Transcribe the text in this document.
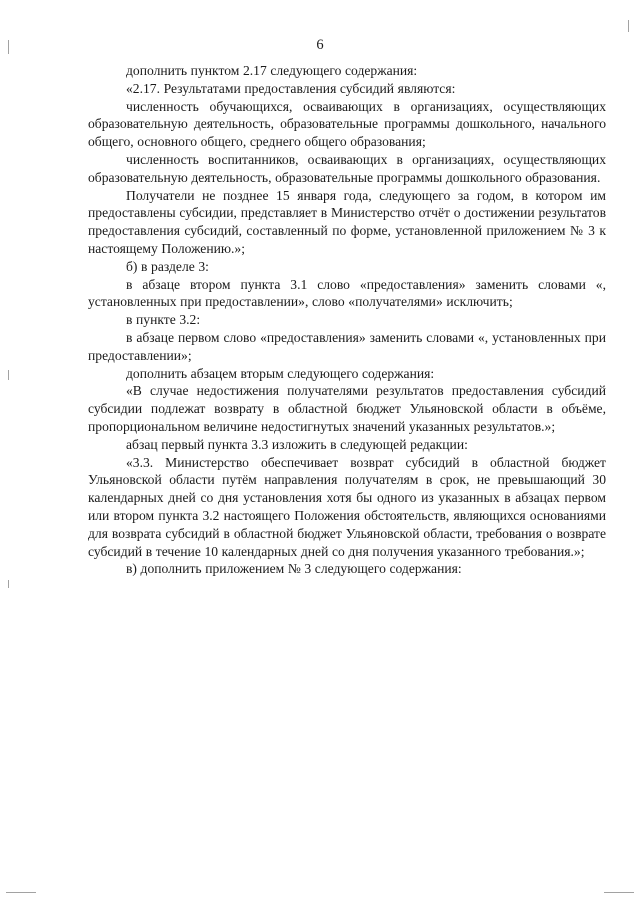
6

дополнить пунктом 2.17 следующего содержания:

«2.17. Результатами предоставления субсидий являются:

численность обучающихся, осваивающих в организациях, осуществляющих образовательную деятельность, образовательные программы дошкольного, начального общего, основного общего, среднего общего образования;

численность воспитанников, осваивающих в организациях, осуществляющих образовательную деятельность, образовательные программы дошкольного образования.

Получатели не позднее 15 января года, следующего за годом, в котором им предоставлены субсидии, представляет в Министерство отчёт о достижении результатов предоставления субсидий, составленный по форме, установленной приложением № 3 к настоящему Положению.»;

б) в разделе 3:

в абзаце втором пункта 3.1 слово «предоставления» заменить словами «, установленных при предоставлении», слово «получателями» исключить;

в пункте 3.2:

в абзаце первом слово «предоставления» заменить словами «, установленных при предоставлении»;

дополнить абзацем вторым следующего содержания:

«В случае недостижения получателями результатов предоставления субсидий субсидии подлежат возврату в областной бюджет Ульяновской области в объёме, пропорциональном величине недостигнутых значений указанных результатов.»;

абзац первый пункта 3.3 изложить в следующей редакции:

«3.3. Министерство обеспечивает возврат субсидий в областной бюджет Ульяновской области путём направления получателям в срок, не превышающий 30 календарных дней со дня установления хотя бы одного из указанных в абзацах первом или втором пункта 3.2 настоящего Положения обстоятельств, являющихся основаниями для возврата субсидий в областной бюджет Ульяновской области, требования о возврате субсидий в течение 10 календарных дней со дня получения указанного требования.»;

в) дополнить приложением № 3 следующего содержания:
